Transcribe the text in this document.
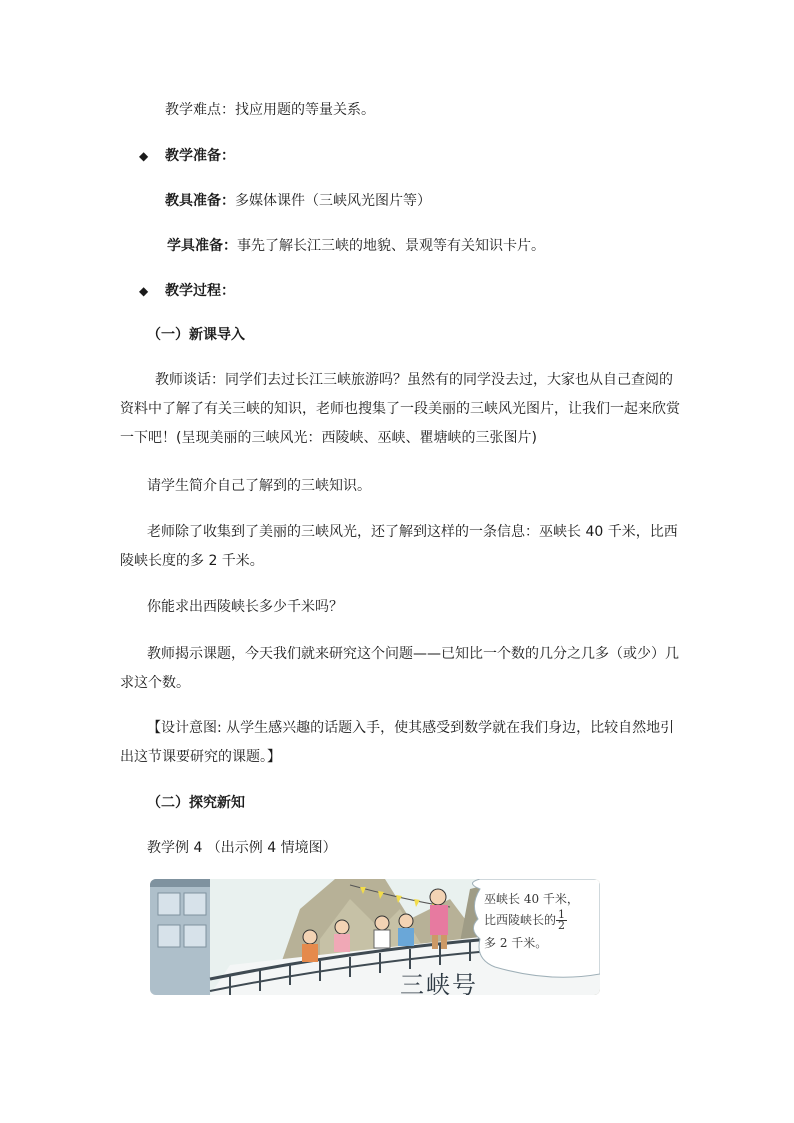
教学难点：找应用题的等量关系。
◆ 教学准备：
教具准备：多媒体课件（三峡风光图片等）
学具准备：事先了解长江三峡的地貌、景观等有关知识卡片。
◆ 教学过程：
（一）新课导入
教师谈话：同学们去过长江三峡旅游吗？虽然有的同学没去过，大家也从自己查阅的
资料中了解了有关三峡的知识，老师也搜集了一段美丽的三峡风光图片，让我们一起来欣赏
一下吧！(呈现美丽的三峡风光：西陵峡、巫峡、瞿塘峡的三张图片)
请学生简介自己了解到的三峡知识。
老师除了收集到了美丽的三峡风光，还了解到这样的一条信息：巫峡长 40 千米，比西
陵峡长度的多 2 千米。
你能求出西陵峡长多少千米吗？
教师揭示课题，今天我们就来研究这个问题——已知比一个数的几分之几多（或少）几
求这个数。
【设计意图: 从学生感兴趣的话题入手，使其感受到数学就在我们身边，比较自然地引
出这节课要研究的课题。】
（二）探究新知
教学例 4 （出示例 4 情境图）
巫峡长 40 千米，
比西陵峡长的 $\frac{1}{2}$
多 2 千米。
三峡号
